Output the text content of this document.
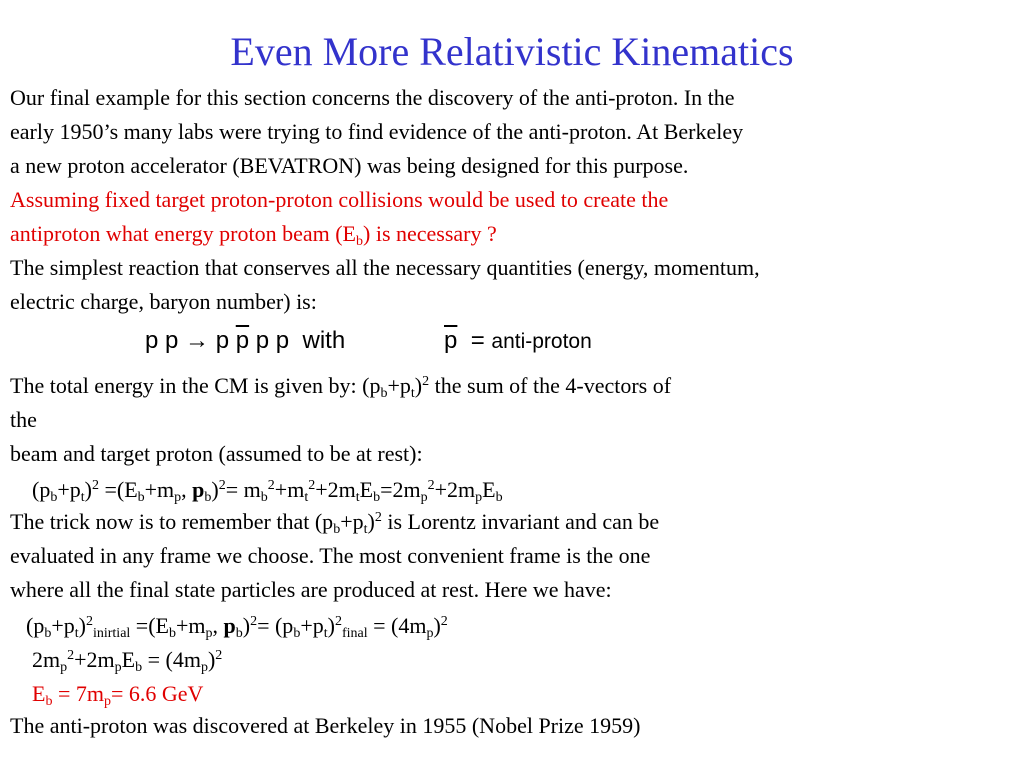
Even More Relativistic Kinematics
Our final example for this section concerns the discovery of the anti-proton. In the
early 1950’s many labs were trying to find evidence of the anti-proton. At Berkeley
a new proton accelerator (BEVATRON) was being designed for this purpose.
Assuming fixed target proton-proton collisions would be used to create the
antiproton what energy proton beam $(E_b)$ is necessary ?
The simplest reaction that conserves all the necessary quantities (energy, momentum,
electric charge, baryon number) is:
p p → p $\overline{p}$ p p with	$\overline{p}$ = anti-proton
The total energy in the CM is given by: $(p_b+p_t)^2$ the sum of the 4-vectors of
the
beam and target proton (assumed to be at rest):
$(p_b+p_t)^2 =(E_b+m_p$, $p_b)^2= m_b^2+m_t^2+2m_tE_b=2m_p^2+2m_pE_b$
The trick now is to remember that $(p_b+p_t)^2$ is Lorentz invariant and can be
evaluated in any frame we choose. The most convenient frame is the one
where all the final state particles are produced at rest. Here we have:
$(p_b+p_t)^2_{inirtial} =(E_b+m_p$, $p_b)^2= (p_b+p_t)^2_{final} = (4m_p)^2$
$2m_p^2+2m_pE_b = (4m_p)^2$
$E_b = 7m_p= 6.6$ GeV
The anti-proton was discovered at Berkeley in 1955 (Nobel Prize 1959)
